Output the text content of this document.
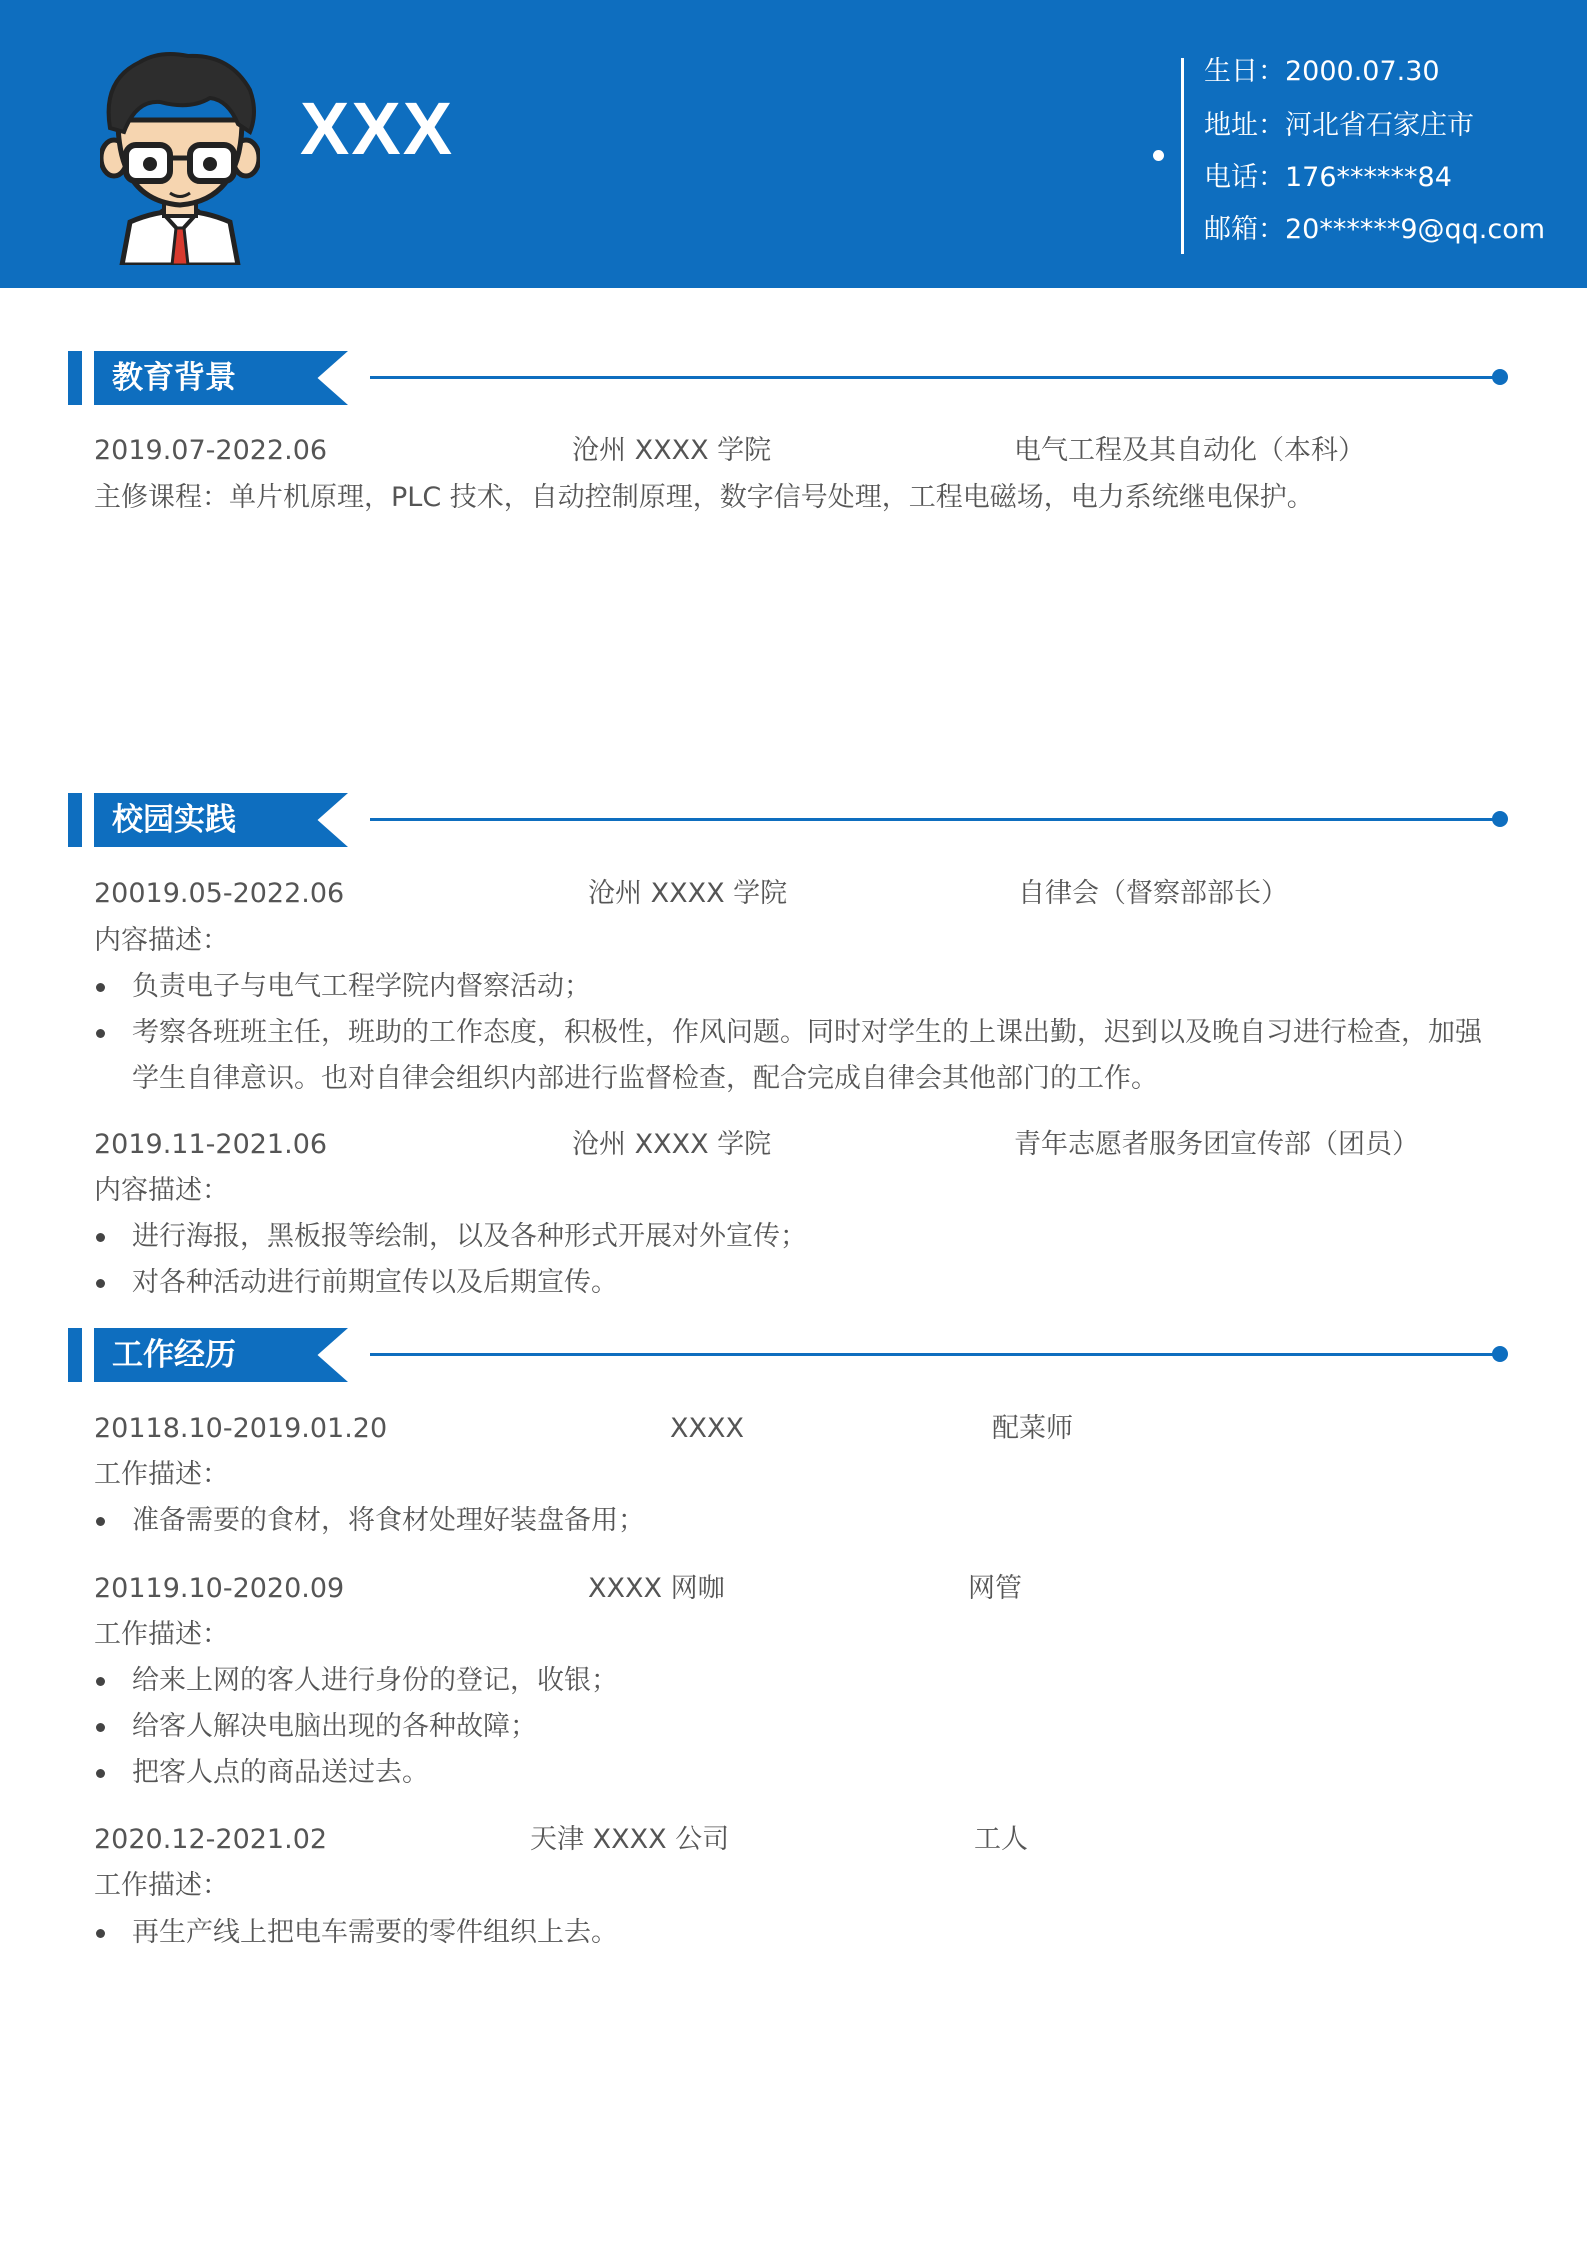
XXX
生日：2000.07.30
地址：河北省石家庄市
电话：176******84
邮箱：20******9@qq.com
教育背景
2019.07-2022.06	沧州 XXXX 学院	电气工程及其自动化（本科）
主修课程：单片机原理，PLC 技术，自动控制原理，数字信号处理，工程电磁场，电力系统继电保护。
校园实践
20019.05-2022.06	沧州 XXXX 学院	自律会（督察部部长）
内容描述：
负责电子与电气工程学院内督察活动；
考察各班班主任，班助的工作态度，积极性，作风问题。同时对学生的上课出勤，迟到以及晚自习进行检查，加强学生自律意识。也对自律会组织内部进行监督检查，配合完成自律会其他部门的工作。
2019.11-2021.06	沧州 XXXX 学院	青年志愿者服务团宣传部（团员）
内容描述：
进行海报，黑板报等绘制，以及各种形式开展对外宣传；
对各种活动进行前期宣传以及后期宣传。
工作经历
20118.10-2019.01.20	XXXX	配菜师
工作描述：
准备需要的食材，将食材处理好装盘备用；
20119.10-2020.09	XXXX 网咖	网管
工作描述：
给来上网的客人进行身份的登记，收银；
给客人解决电脑出现的各种故障；
把客人点的商品送过去。
2020.12-2021.02	天津 XXXX 公司	工人
工作描述：
再生产线上把电车需要的零件组织上去。
